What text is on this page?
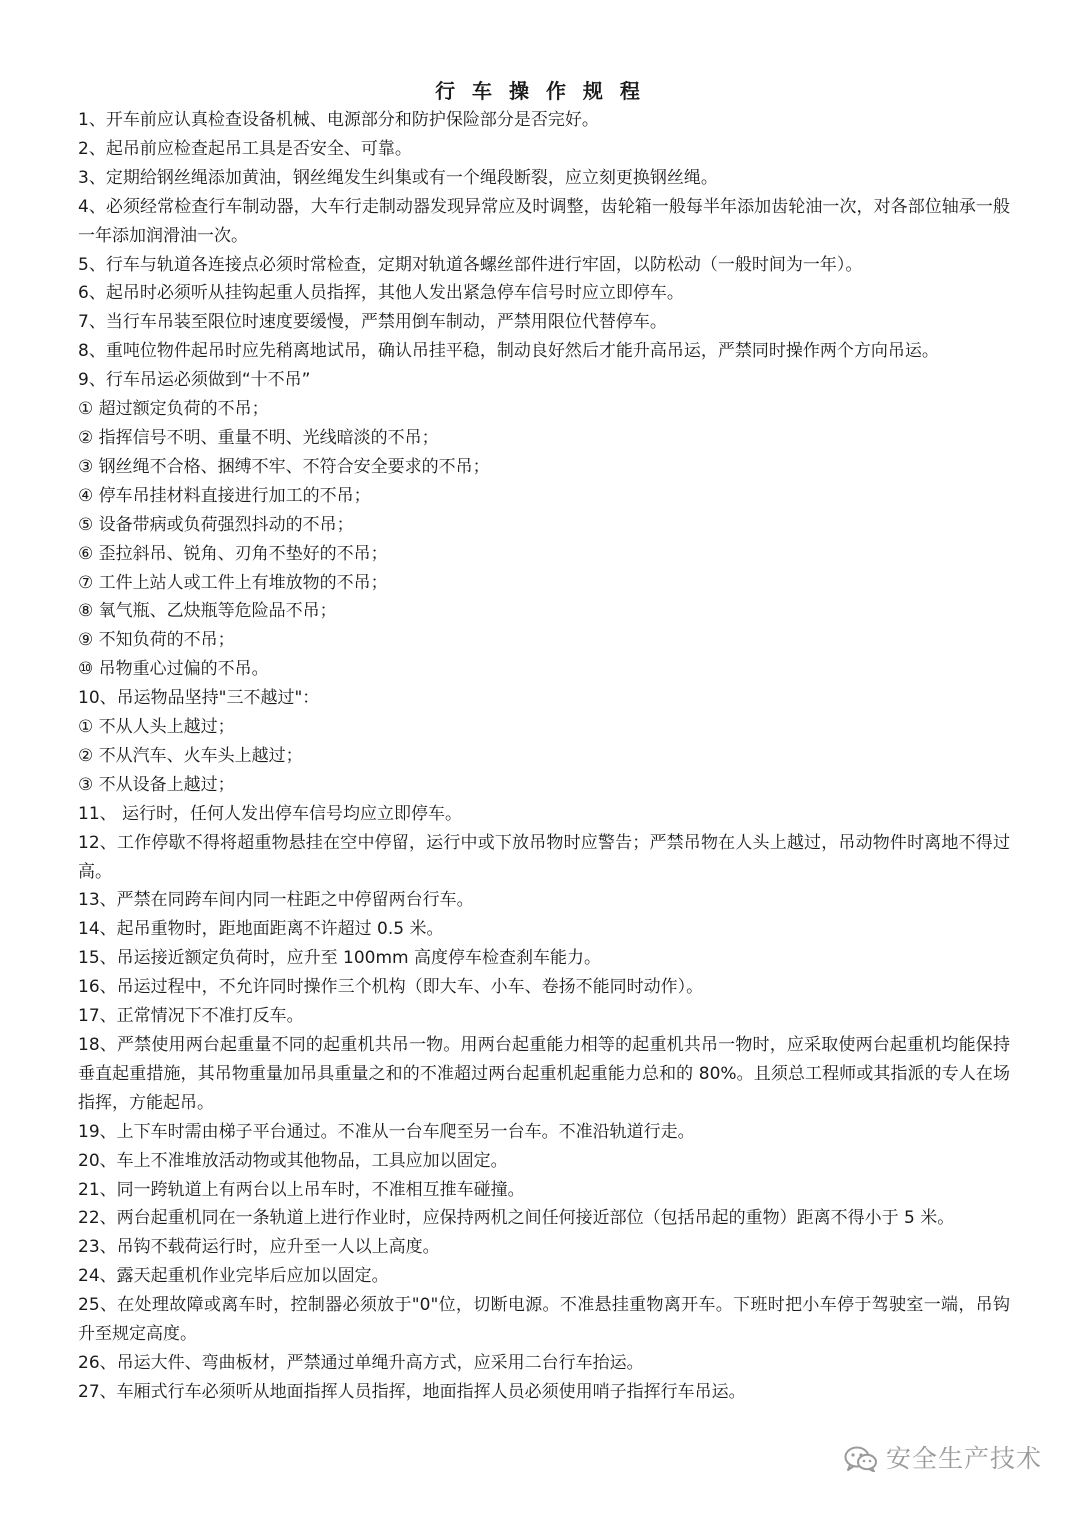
行 车 操 作 规 程

1、开车前应认真检查设备机械、电源部分和防护保险部分是否完好。

2、起吊前应检查起吊工具是否安全、可靠。

3、定期给钢丝绳添加黄油，钢丝绳发生纠集或有一个绳段断裂，应立刻更换钢丝绳。

4、必须经常检查行车制动器，大车行走制动器发现异常应及时调整，齿轮箱一般每半年添加齿轮油一次，对各部位轴承一般一年添加润滑油一次。

5、行车与轨道各连接点必须时常检查，定期对轨道各螺丝部件进行牢固，以防松动（一般时间为一年）。

6、起吊时必须听从挂钩起重人员指挥，其他人发出紧急停车信号时应立即停车。

7、当行车吊装至限位时速度要缓慢，严禁用倒车制动，严禁用限位代替停车。

8、重吨位物件起吊时应先稍离地试吊，确认吊挂平稳，制动良好然后才能升高吊运，严禁同时操作两个方向吊运。

9、行车吊运必须做到“十不吊”

① 超过额定负荷的不吊；

② 指挥信号不明、重量不明、光线暗淡的不吊；

③ 钢丝绳不合格、捆缚不牢、不符合安全要求的不吊；

④ 停车吊挂材料直接进行加工的不吊；

⑤ 设备带病或负荷强烈抖动的不吊；

⑥ 歪拉斜吊、锐角、刃角不垫好的不吊；

⑦ 工件上站人或工件上有堆放物的不吊；

⑧ 氧气瓶、乙炔瓶等危险品不吊；

⑨ 不知负荷的不吊；

⑩ 吊物重心过偏的不吊。

10、吊运物品坚持"三不越过"：

① 不从人头上越过；

② 不从汽车、火车头上越过；

③ 不从设备上越过；

11、 运行时，任何人发出停车信号均应立即停车。

12、工作停歇不得将超重物悬挂在空中停留，运行中或下放吊物时应警告；严禁吊物在人头上越过，吊动物件时离地不得过高。

13、严禁在同跨车间内同一柱距之中停留两台行车。

14、起吊重物时，距地面距离不许超过 0.5 米。

15、吊运接近额定负荷时，应升至 100mm 高度停车检查刹车能力。

16、吊运过程中，不允许同时操作三个机构（即大车、小车、卷扬不能同时动作）。

17、正常情况下不准打反车。

18、严禁使用两台起重量不同的起重机共吊一物。用两台起重能力相等的起重机共吊一物时，应采取使两台起重机均能保持垂直起重措施，其吊物重量加吊具重量之和的不准超过两台起重机起重能力总和的 80%。且须总工程师或其指派的专人在场指挥，方能起吊。

19、上下车时需由梯子平台通过。不准从一台车爬至另一台车。不准沿轨道行走。

20、车上不准堆放活动物或其他物品，工具应加以固定。

21、同一跨轨道上有两台以上吊车时，不准相互推车碰撞。

22、两台起重机同在一条轨道上进行作业时，应保持两机之间任何接近部位（包括吊起的重物）距离不得小于 5 米。

23、吊钩不载荷运行时，应升至一人以上高度。

24、露天起重机作业完毕后应加以固定。

25、在处理故障或离车时，控制器必须放于"0"位，切断电源。不准悬挂重物离开车。下班时把小车停于驾驶室一端，吊钩升至规定高度。

26、吊运大件、弯曲板材，严禁通过单绳升高方式，应采用二台行车抬运。

27、车厢式行车必须听从地面指挥人员指挥，地面指挥人员必须使用哨子指挥行车吊运。

安全生产技术
